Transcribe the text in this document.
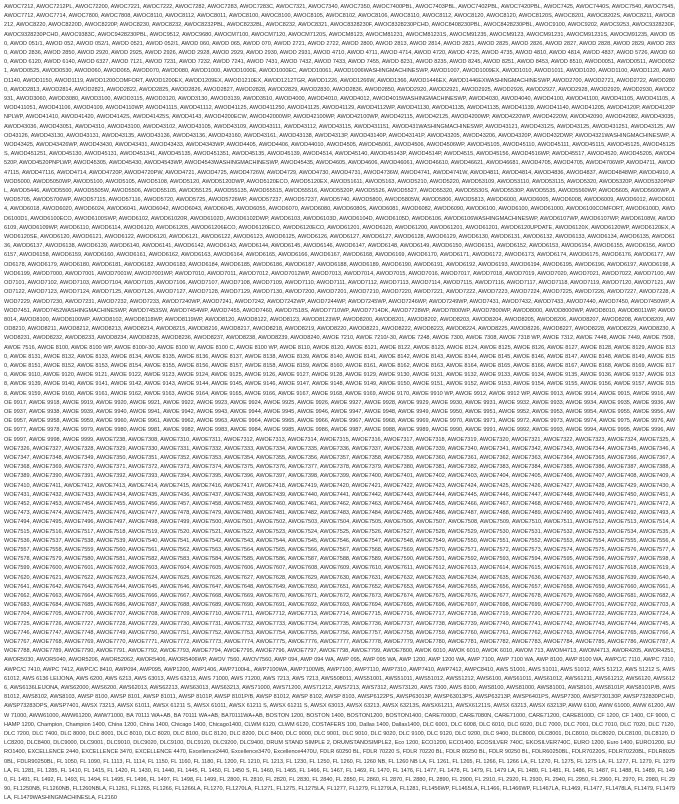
AWOC7212, AWOC7212PL, AWOC72200, AWOC7221, AWOC7222, AWOC7282, AWOC7283, AWOC7283C, AWOC7321, AWOC7340, AWOC7350, AWOC7400PBL, AWOC7403PBL, AWOC7402PBL, AWOC7420PBL, AWOC7425, AWOC7440S, AWOC7540, AWOC7545, AWOC7712, AWOC7714, AWOC7800, AWOC7808, AWOC8110, AWOC8112, AWOC8011, AWOC8100, AWOC8100, AWOC8105, AWOC8102, AWOC8106, AWOC8110, AWOC8112, AWOC8120, AWOC8120, AWOC8120S, AWOC8201, AWOC8202S, AWOC8211, AWOC8212, AWOC8220, AWOC8220D, AWOC8220P, AWOC8230, AWOC8232, AWOC8232PBL, AWOC8232BL, AWOC8232, AWOC8321, AWOC8328230F, AWOC8328230PCHD, AWOC8408230PBL, AWOC8428230PBL, AWOC9100, AWOC9202, AWOC9253, AWOC9328230F, AWOC9328230PCHD, AWOC9383C, AWOC9428230PBL, AWOC9512, AWOC9680, AWOCM7100, AWOCM7120, AWOCM7120S, AWOCM8123, AWOCM81231, AWOCM81231S, AWOCM91235, AWOCM9123, AWOCM91231, AWOCM91231S, AWOCM91235, AWOD 050, AWOD 051/1, AWOD 052, AWOD 052/1, AWOD 0521, AWOD 052/1, AWOD 060, AWOD 065, AWOD 070, AWOD 2721, AWOD 2722, AWOD 2800, AWOD 2813, AWOD 2814, AWOD 2821, AWOD 2825, AWOD 2826, AWOD 2827, AWOD 2828, AWOD 2829, AWOD 2830, AWOD 2836, AWOD 2850, AWOD 2920, AWOD 2925, AWOD 2926, AWOD 2928, AWOD 2929, AWOD 2930, AWOD 2931, AWOD 4710, AWOD 4711, AWOD 4714, AWOD 4720, AWOD 4725, AWOD 4735, AWOD 4810, AWOD 4814, AWOD 4837, AWOD 5726, AWOD 600, AWOD 6120, AWOD 6140, AWOD 6327, AWOD 7121, AWOD 7231, AWOD 7232, AWOD 7241, AWOD 7431, AWOD 7432, AWOD 7433, AWOD 7455, AWOD 8231, AWOD 8235, AWOD 8245, AWOD 8251, AWOD 8453, AWOD 8510, AWOD0051, AWOD0511, AWOD0521, AWOD0525, AWOD0530, AWOD060, AWOD065, AWOD070, AWOD080, AWOD1000, AWOD1000E, AWOD1000EC, AWOD10061, AWOD1006WASHINGMACHINESWP, AWOD1007, AWOD1009EX, AWOD1010, AWOD1011, AWOD1020, AWOD1100, AWOD1120, AWOD1140, AWOD1150, AWOD1119, AWOD1200COMFORT, AWOD1200EX, AWOD1209EX, AWOD1210EX, AWOD1212TGR, AWOD1226, AWOD1266W, AWOD1366, AWOD1446EX, AWOD1446EXWASHINGMACHINESWP, AWOD2700, AWOD2721, AWOD2722, AWOD2800, AWOD2813, AWOD2814, AWOD2821, AWOD2822, AWOD2825, AWOD2826, AWOD2827, AWOD2828, AWOD2829, AWOD2830, AWOD2836, AWOD2850, AWOD2920, AWOD2921, AWOD2925, AWOD2926, AWOD2927, AWOD2928, AWOD2929, AWOD2930, AWOD2931, AWOD3060, AWOD3080, AWOD3100, AWOD3115, AWOD3120, AWOD3130, AWOD3139, AWOD3510, AWOD4000, AWOD4010, AWOD4012, AWOD4015WASHINGMACHINESWP, AWOD4030, AWOD4040, AWOD4100, AWOD41100, AWOD41105, AWOD41105, AWOD411051, AWOD41106, AWOD4109, AWOD4110WP, AWOD41115, AWOD41112, AWOD41125, AWOD411250, AWOD41125, AWOD41129, AWOD4112WP, AWOD41130, AWOD41135, AWOD41135, AWOD41139, AWOD41140, AWOD41205, AWOD4120P, AWOD4120PNPLWP, AWOD41410, AWOD41420, AWOD4142S, AWOD41425S, AWOD4143, AWOD4200ECW, AWOD42000WP, AWOD42100WP, AWOD42100WP, AWOD42115, AWOD42125, AWOD4200WP, AWOD4220WP, AWOD4220W, AWOD42090, AWOD42082, AWOD43035, AWOD43036, AWOD43051, AWOD4310, AWOD43100, AWOD43102, AWOD43105, AWOD43109, AWOD43111, AWOD43112, AWOD43115, AWOD431151, AWOD431WASHINGMACHINESWP, AWOD43121, AWOD4312S, AWOD43125, AWOD431251, AWOD43125, AWOD43126, AWOD43130, AWOD43131, AWOD43135, AWOD43136, AWOD43136, AWOD43160, AWOD43161, AWOD43138, AWOD4313P, AWOD43140P, AWOD43141P, AWOD43205, AWOD43206, AWOD4320P, AWOD432DWP, AWOD4321WASHINGMACHINESWP, AWOD43425, AWOD43426WP, AWOD43430, AWOD43431, AWOD43433, AWOD4343WP, AWOD4405, AWOD4406, AWOD44010, AWOD4505, AWOD45061, AWOD4506, AWOD4506WP, AWOD45105, AWOD45110, AWOD45111, AWOD45115, AWOD45125, AWOD45125S, AWOD451251, AWOD45130, AWOD45131, AWOD451341, AWOD45135, AWOD451351, AWOD45135, AWOD45139, AWOD4514, AWOD45140, AWOD45143P, AWOD4514P, AWOD4515, AWOD45156, AWOD4516WP, AWOD45517, AWOD4520, AWOD45205, AWOD4520P, AWOD4520PNPLWP, AWOD45305, AWOD45430, AWOD4543WP, AWOD4543WASHINGMACHINESWP, AWOD45435, AWOD4605, AWOD4606, AWOD46061, AWOD46610, AWOD46621, AWOD46681, AWOD4705, AWOD4705, AWOD4706WP, AWOD4711, AWOD47115, AWOD47116, AWOD4714, AWOD4720P, AWOD4720PW, AWOD4721, AWOD4725, AWOD4726W, AWOD4729, AWOD4730, AWOD4731, AWOD4736W, AWOD4741, AWOD4741W, AWOD4811, AWOD4814, AWOD4836, AWOD4837, AWOD4848WP, AWOD4910, AWOD5000, AWOD5050WP, AWOD5100, AWOD5105, AWOD5108, AWOD5120, AWOD5120DWP, AWOD5120ECO, AWOD5120EX, AWOD51611, AWOD5163, AWOD5210, AWOD5220, AWOD53109, AWOD53110, AWOD53115, AWOD5320, AWOD5320P, AWOD5320PNPL, AWOD5446, AWOD5500, AWOD5505W, AWOD5506, AWOD55105, AWOD55125, AWOD55135, AWOD55515, AWOD55516, AWOD5520P, AWOD5526, AWOD5527, AWOD55320, AWOD5530S, AWOD5530P, AWOD5535, AWOD5560WP, AWOD5605, AWOD5606WP, AWOD5705, AWOD5706WP, AWOD57115, AWOD57116, AWOD5720, AWOD5725, AWOD5726WP, AWOD57237, AWOD57237, AWOD5740, AWOD5800, AWOD5805W, AWOD5806, AWOD5813, AWOD6000, AWOD6005, AWOD6008, AWOD6009, AWOD6012, AWOD6014, AWOD6018, AWOD6020, AWOD6024, AWOD6041, AWOD6042, AWOD6043, AWOD6045, AWOD6055, AWOD6070, AWOD6080, AWOD6080S, AWOD6081, AWOD6082, AWOD6090, AWOD6100, AWOD6100, AWOD61000, AWOD6100COMFORT, AWOD6100D, AWOD6100D1, AWOD6100ECO, AWOD6100SWP, AWOD6102, AWOD61020R, AWOD6102D, AWOD6102DWP, AWOD6103, AWOD6103D, AWOD6104D, AWOD6105D, AWOD6106, AWOD6106WASHINGMACHINESWP, AWOD6107WP, AWOD6107WP, AWOD6108W, AWOD6109, AWOD6109WP, AWOD6110, AWOD6114, AWOD6120, AWOD61205, AWOD61206ECO, AWOD6120ECO, AWOD6120ECO, AWOD61201, AWOD6120, AWOD61200, AWOD61201, AWOD61201, AWOD6120UPDATE, AWOD6120X, AWOD6120WP, AWOD6120EX, AWOD6120SE, AWOD6120, AWOD6121, AWOD6122, AWOD6120, AWOD6121, AWOD6122, AWOD6123, AWOD6125, AWOD6126, AWOD6127, AWOD6127, AWOD6128, AWOD6129, AWOD6130, AWOD6131, AWOD6132, AWOD6133, AWOD6134, AWOD6135, AWOD6136, AWOD6137, AWOD6138, AWOD6139, AWOD6140, AWOD6141, AWOD6142, AWOD6143, AWOD6144, AWOD6145, AWOD6146, AWOD6147, AWOD6148, AWOD6149, AWOD6150, AWOD6151, AWOD6152, AWOD6153, AWOD6154, AWOD6155, AWOD6156, AWOD6157, AWOD6158, AWOD6159, AWOD6160, AWOD6161, AWOD6162, AWOD6163, AWOD6164, AWOD6165, AWOD6166, AWOD6167, AWOD6168, AWOD6169, AWOD6170, AWOD6171, AWOD6172, AWOD6173, AWOD6174, AWOD6175, AWOD6176, AWOD6177, AWOD6178, AWOD6179, AWOD6180, AWOD6181, AWOD6182, AWOD6183, AWOD6184, AWOD6185, AWOD6186, AWOD6187, AWOD6188, AWOD6189, AWOD6190, AWOD6191, AWOD6192, AWOD6193, AWOD6194, AWOD6195, AWOD6196, AWOD6197, AWOD6198, AWOD6199, AWOD7000, AWOD7001, AWOD7001W, AWOD7001WP, AWOD7010, AWOD7011, AWOD7012, AWOD7012WP, AWOD7013, AWOD7014, AWOD7015, AWOD7016, AWOD7017, AWOD7018, AWOD7019, AWOD7020, AWOD7021, AWOD7022, AWOD7100, AWOD7101, AWOD7102, AWOD7103, AWOD7104, AWOD7105, AWOD7106, AWOD7107, AWOD7108, AWOD7109, AWOD7110, AWOD7111, AWOD7112, AWOD7113, AWOD7114, AWOD7115, AWOD7116, AWOD7117, AWOD7118, AWOD7119, AWOD7120, AWOD7121, AWOD7122, AWOD7123, AWOD7124, AWOD7125, AWOD7126, AWOD7127, AWOD7128, AWOD7129, AWOD7130, AWOD7200, AWOD7201, AWOD7210, AWOD7220, AWOD7221, AWOD7222, AWOD7223, AWOD7224, AWOD7225, AWOD7226, AWOD7227, AWOD7228, AWOD7229, AWOD7230, AWOD7231, AWOD7232, AWOD7233, AWOD7240WP, AWOD7241, AWOD7242, AWOD7242WP, AWOD7244WP, AWOD7245WP, AWOD7246WP, AWOD7249WP, AWOD7431, AWOD7432, AWOD7433, AWOD7440, AWOD7450, AWOD7450WP, AWOD7451, AWOD7452WASHINGMACHINESWP, AWOD7453SW, AWOD7454WP, AWOD7455, AWOD7460, AWOD7518S, AWOD7710WP, AWOD7714DK, AWOD7728WP, AWOD7800WP, AWOD7800WP, AWOD8000, AWOD8000WP, AWOD8010, AWOD8011WP, AWOD8014, AWOD8100, AWOD8100WP, AWOD8102, AWOD8118WP, AWOD8119WP, AWOD8120, AWOD8122, AWOD8123, AWOD8123WP, AWOD8200, AWOD8201, AWOD8202, AWOD8203, AWOD8204, AWOD8205, AWOD8206, AWOD8207, AWOD8208, AWOD8209, AWOD8210, AWOD8211, AWOD8212, AWOD8213, AWOD8214, AWOD8215, AWOD8216, AWOD8217, AWOD8218, AWOD8219, AWOD8220, AWOD8221, AWOD8222, AWOD8223, AWOD8224, AWOD8225, AWOD8226, AWOD8227, AWOD8228, AWOD8229, AWOD8230, AWOD8231, AWOD8232, AWOD8233, AWOD8234, AWOD8235, AWOD8236, AWOD8237, AWOD8238, AWOD8239, AWOD8240, AWOE 7210, AWOE 7210/-30, AWOE 7248, AWOE 7300, AWOE 7308, AWOE 7318 WP, AWOE 7312, AWOE 7448, AWOE 7449, AWOE 7508, AWOE 7516, AWOE 8100, AWOE 8100 WP, AWOE 8100/-30, AWOE 8100 W, AWOE 8100 C, AWOE 8100 WP, AWOE 8110, AWOE 8120, AWOE 8121, AWOE 8122, AWOE 8123, AWOE 8124, AWOE 8125, AWOE 8126, AWOE 8127, AWOE 8128, AWOE 8129, AWOE 8130, AWOE 8131, AWOE 8132, AWOE 8133, AWOE 8134, AWOE 8135, AWOE 8136, AWOE 8137, AWOE 8138, AWOE 8139, AWOE 8140, AWOE 8141, AWOE 8142, AWOE 8143, AWOE 8144, AWOE 8145, AWOE 8146, AWOE 8147, AWOE 8148, AWOE 8149, AWOE 8150, AWOE 8151, AWOE 8152, AWOE 8153, AWOE 8154, AWOE 8155, AWOE 8156, AWOE 8157, AWOE 8158, AWOE 8159, AWOE 8160, AWOE 8161, AWOE 8162, AWOE 8163, AWOE 8164, AWOE 8165, AWOE 8166, AWOE 8167, AWOE 8168, AWOE 8169, AWOE 8170, AWOE 9110, AWOE 9120, AWOE 9121, AWOE 9122, AWOE 9123, AWOE 9124, AWOE 9125, AWOE 9126, AWOE 9127, AWOE 9128, AWOE 9129, AWOE 9130, AWOE 9131, AWOE 9132, AWOE 9133, AWOE 9134, AWOE 9135, AWOE 9136, AWOE 9137, AWOE 9138, AWOE 9139, AWOE 9140, AWOE 9141, AWOE 9142, AWOE 9143, AWOE 9144, AWOE 9145, AWOE 9146, AWOE 9147, AWOE 9148, AWOE 9149, AWOE 9150, AWOE 9151, AWOE 9152, AWOE 9153, AWOE 9154, AWOE 9155, AWOE 9156, AWOE 9157, AWOE 9158, AWOE 9159, AWOE 9160, AWOE 9161, AWOE 9162, AWOE 9163, AWOE 9164, AWOE 9165, AWOE 9166, AWOE 9167, AWOE 9168, AWOE 9169, AWOE 9170, AWOE 9910 WP, AWOE 9912, AWOE 9912 WP, AWOE 9913, AWOE 9914, AWOE 9915, AWOE 9916, AWOE 9917, AWOE 9918, AWOE 9919, AWOE 9920, AWOE 9921, AWOE 9922, AWOE 9923, AWOE 9924, AWOE 9925, AWOE 9926, AWOE 9927, AWOE 9928, AWOE 9929, AWOE 9930, AWOE 9931, AWOE 9932, AWOE 9933, AWOE 9934, AWOE 9935, AWOE 9936, AWOE 9937, AWOE 9938, AWOE 9939, AWOE 9940, AWOE 9941, AWOE 9942, AWOE 9943, AWOE 9944, AWOE 9945, AWOE 9946, AWOE 9947, AWOE 9948, AWOE 9949, AWOE 9950, AWOE 9951, AWOE 9952, AWOE 9953, AWOE 9954, AWOE 9955, AWOE 9956, AWOE 9957, AWOE 9958, AWOE 9959, AWOE 9960, AWOE 9961, AWOE 9962, AWOE 9963, AWOE 9964, AWOE 9965, AWOE 9966, AWOE 9967, AWOE 9968, AWOE 9969, AWOE 9970, AWOE 9971, AWOE 9972, AWOE 9973, AWOE 9974, AWOE 9975, AWOE 9976, AWOE 9977, AWOE 9978, AWOE 9979, AWOE 9980, AWOE 9981, AWOE 9982, AWOE 9983, AWOE 9984, AWOE 9985, AWOE 9986, AWOE 9987, AWOE 9988, AWOE 9989, AWOE 9990, AWOE 9991, AWOE 9992, AWOE 9993, AWOE 9994, AWOE 9995, AWOE 9996, AWOE 9997, AWOE 9998, AWOE 9999, AWOE7238, AWOE7308, AWOE7310, AWOE7311, AWOE7312, AWOE7313, AWOE7314, AWOE7315, AWOE7316, AWOE7317, AWOE7318, AWOE7319, AWOE7320, AWOE7321, AWOE7322, AWOE7323, AWOE7324, AWOE7325, AWOE7326, AWOE7327, AWOE7328, AWOE7329, AWOE7330, AWOE7331, AWOE7332, AWOE7333, AWOE7334, AWOE7335, AWOE7336, AWOE7337, AWOE7338, AWOE7339, AWOE7340, AWOE7341, AWOE7342, AWOE7343, AWOE7344, AWOE7345, AWOE7346, AWOE7347, AWOE7348, AWOE7349, AWOE7350, AWOE7351, AWOE7352, AWOE7353, AWOE7354, AWOE7355, AWOE7356, AWOE7357, AWOE7358, AWOE7359, AWOE7360, AWOE7361, AWOE7362, AWOE7363, AWOE7364, AWOE7365, AWOE7366, AWOE7367, AWOE7368, AWOE7369, AWOE7370, AWOE7371, AWOE7372, AWOE7373, AWOE7374, AWOE7375, AWOE7376, AWOE7377, AWOE7378, AWOE7379, AWOE7380, AWOE7381, AWOE7382, AWOE7383, AWOE7384, AWOE7385, AWOE7386, AWOE7387, AWOE7388, AWOE7389, AWOE7390, AWOE7391, AWOE7392, AWOE7393, AWOE7394, AWOE7395, AWOE7396, AWOE7397, AWOE7398, AWOE7399, AWOE7400, AWOE7401, AWOE7402, AWOE7403, AWOE7404, AWOE7405, AWOE7406, AWOE7407, AWOE7408, AWOE7409, AWOE7410, AWOE7411, AWOE7412, AWOE7413, AWOE7414, AWOE7415, AWOE7416, AWOE7417, AWOE7418, AWOE7419, AWOE7420, AWOE7421, AWOE7422, AWOE7423, AWOE7424, AWOE7425, AWOE7426, AWOE7427, AWOE7428, AWOE7429, AWOE7430, AWOE7431, AWOE7432, AWOE7433, AWOE7434, AWOE7435, AWOE7436, AWOE7437, AWOE7438, AWOE7439, AWOE7440, AWOE7441, AWOE7442, AWOE7443, AWOE7444, AWOE7445, AWOE7446, AWOE7447, AWOE7448, AWOE7449, AWOE7450, AWOE7451, AWOE7452, AWOE7453, AWOE7454, AWOE7455, AWOE7456, AWOE7457, AWOE7458, AWOE7459, AWOE7460, AWOE7461, AWOE7462, AWOE7463, AWOE7464, AWOE7465, AWOE7466, AWOE7467, AWOE7468, AWOE7469, AWOE7470, AWOE7471, AWOE7472, AWOE7473, AWOE7474, AWOE7475, AWOE7476, AWOE7477, AWOE7478, AWOE7479, AWOE7480, AWOE7481, AWOE7482, AWOE7483, AWOE7484, AWOE7485, AWOE7486, AWOE7487, AWOE7488, AWOE7489, AWOE7490, AWOE7491, AWOE7492, AWOE7493, AWOE7494, AWOE7495, AWOE7496, AWOE7497, AWOE7498, AWOE7499, AWOE7500, AWOE7501, AWOE7502, AWOE7503, AWOE7504, AWOE7505, AWOE7506, AWOE7507, AWOE7508, AWOE7509, AWOE7510, AWOE7511, AWOE7512, AWOE7513, AWOE7514, AWOE7515, AWOE7516, AWOE7517, AWOE7518, AWOE7519, AWOE7520, AWOE7521, AWOE7522, AWOE7523, AWOE7524, AWOE7525, AWOE7526, AWOE7527, AWOE7528, AWOE7529, AWOE7530, AWOE7531, AWOE7532, AWOE7533, AWOE7534, AWOE7535, AWOE7536, AWOE7537, AWOE7538, AWOE7539, AWOE7540, AWOE7541, AWOE7542, AWOE7543, AWOE7544, AWOE7545, AWOE7546, AWOE7547, AWOE7548, AWOE7549, AWOE7550, AWOE7551, AWOE7552, AWOE7553, AWOE7554, AWOE7555, AWOE7556, AWOE7557, AWOE7558, AWOE7559, AWOE7560, AWOE7561, AWOE7562, AWOE7563, AWOE7564, AWOE7565, AWOE7566, AWOE7567, AWOE7568, AWOE7569, AWOE7570, AWOE7571, AWOE7572, AWOE7573, AWOE7574, AWOE7575, AWOE7576, AWOE7577, AWOE7578, AWOE7579, AWOE7580, AWOE7581, AWOE7582, AWOE7583, AWOE7584, AWOE7585, AWOE7586, AWOE7587, AWOE7588, AWOE7589, AWOE7590, AWOE7591, AWOE7592, AWOE7593, AWOE7594, AWOE7595, AWOE7596, AWOE7597, AWOE7598, AWOE7599, AWOE7600, AWOE7601, AWOE7602, AWOE7603, AWOE7604, AWOE7605, AWOE7606, AWOE7607, AWOE7608, AWOE7609, AWOE7610, AWOE7611, AWOE7612, AWOE7613, AWOE7614, AWOE7615, AWOE7616, AWOE7617, AWOE7618, AWOE7619, AWOE7620, AWOE7621, AWOE7622, AWOE7623, AWOE7624, AWOE7625, AWOE7626, AWOE7627, AWOE7628, AWOE7629, AWOE7630, AWOE7631, AWOE7632, AWOE7633, AWOE7634, AWOE7635, AWOE7636, AWOE7637, AWOE7638, AWOE7639, AWOE7640, AWOE7641, AWOE7642, AWOE7643, AWOE7644, AWOE7645, AWOE7646, AWOE7647, AWOE7648, AWOE7649, AWOE7650, AWOE7651, AWOE7652, AWOE7653, AWOE7654, AWOE7655, AWOE7656, AWOE7657, AWOE7658, AWOE7659, AWOE7660, AWOE7661, AWOE7662, AWOE7663, AWOE7664, AWOE7665, AWOE7666, AWOE7667, AWOE7668, AWOE7669, AWOE7670, AWOE7671, AWOE7672, AWOE7673, AWOE7674, AWOE7675, AWOE7676, AWOE7677, AWOE7678, AWOE7679, AWOE7680, AWOE7681, AWOE7682, AWOE7683, AWOE7684, AWOE7685, AWOE7686, AWOE7687, AWOE7688, AWOE7689, AWOE7690, AWOE7691, AWOE7692, AWOE7693, AWOE7694, AWOE7695, AWOE7696, AWOE7697, AWOE7698, AWOE7699, AWOE7700, AWOE7701, AWOE7702, AWOE7703, AWOE7704, AWOE7705, AWOE7706, AWOE7707, AWOE7708, AWOE7709, AWOE7710, AWOE7711, AWOE7712, AWOE7713, AWOE7714, AWOE7715, AWOE7716, AWOE7717, AWOE7718, AWOE7719, AWOE7720, AWOE7721, AWOE7722, AWOE7723, AWOE7724, AWOE7725, AWOE7726, AWOE7727, AWOE7728, AWOE7729, AWOE7730, AWOE7731, AWOE7732, AWOE7733, AWOE7734, AWOE7735, AWOE7736, AWOE7737, AWOE7738, AWOE7739, AWOE7740, AWOE7741, AWOE7742, AWOE7743, AWOE7744, AWOE7745, AWOE7746, AWOE7747, AWOE7748, AWOE7749, AWOE7750, AWOE7751, AWOE7752, AWOE7753, AWOE7754, AWOE7755, AWOE7756, AWOE7757, AWOE7758, AWOE7759, AWOE7760, AWOE7761, AWOE7762, AWOE7763, AWOE7764, AWOE7765, AWOE7766, AWOE7767, AWOE7768, AWOE7769, AWOE7770, AWOE7771, AWOE7772, AWOE7773, AWOE7774, AWOE7775, AWOE7776, AWOE7777, AWOE7778, AWOE7779, AWOE7780, AWOE7781, AWOE7782, AWOE7783, AWOE7784, AWOE7785, AWOE7786, AWOE7787, AWOE7788, AWOE7789, AWOE7790, AWOE7791, AWOE7792, AWOE7793, AWOE7794, AWOE7795, AWOE7796, AWOE7797, AWOE7798, AWOE7799, AWOE7800, AWOK 6010, AWOK 6010, AWOK 6010, AWOM 713, AWOM4713, AWOM4713, AWOR4205, AWOR4251, AWOR5030, AWOR5040, AWOR5206, AWOR52062, AWOR5406, AWOR5406WP, AWOV 7560, AWOV7560, AWP 094, AWP 094 WA, AWP 095, AWP 095 WA, AWP 1200, AWP 1200 WA, AWP 7100, AWP 7100 WA, AWP 8100, AWP 8100 WA, AWPC/C 7110, AWPC 7310, AWPC/C 7410, AWPC 7412, AWPC/C 8410, AWP094, AWP095, AWP1200, AWP1406, AWP7100HL, AWP7100WA, AWP7100WB, AWP7100, AWP7110, AWP7310, AWP7410, AWP7412, AWPC8410, AWS 51001, AWS 51011, AWS 51012, AWS 51212, AWS 51212 S, AWS 61012, AWS 6136 LEIJONA, AWS 6200, AWS 6213, AWS 63013, AWS 63213, AWS 71000, AWS 71200, AWS 7213, AWS 7213, AWS508011, AWS51001, AWS51011, AWS51012, AWS51212, AWS6100, AWS61011, AWS61012, AWS61211, AWS61212, AWS6120, AWS6126, AWS6136LEIJONA, AWS62000, AWS6200, AWS62013, AWS62213, AWS63013, AWS63213, AWS71000, AWS71200, AWS71212, AWS7213, AWS7312, AWS73120, AWS 7300, AWS 8100, AWS8100, AWS81000, AWS81001, AWS8101, AWS8101P, AWS8101P/B, AWS81012, AWS8102, AWS8103, AWSP 8100, AWSP 8101, AWSP 81011, AWSP 8101P, AWSP 8101P/B, AWSP 81012, AWSP 8102, AWSP 8103, AWSP6122PS, AWSP63013P, AWSP63013PS, AWSP63213P, AWSP6401PS, AWSP7300, AWSP730130P, AWSP732830PCHD, AWSP73283OPS, AWSP7401, AWSX 73213, AWSX 61011, AWSX 61211 S, AWSX 61011, AWSX 61211 S, AWSX 61211 S, AWSX 63013, AWSX 63213, AWSX 63213S, AWSX61211, AWSX61211S, AWSX 63213, AWSX 63213P, AWW 6100, AWW 61000, AWW 61200, AWW 71000, AWW61000, AWW61200, AWW71000, BA 70111 WA+AB, BA 70111 WA+AB, BA70111WA+AB, BOSTON 1200, BOSTON 1400, BOSTON1200, BOSTON1400, CARE7000D, CARE7080N, CARE71000, CARE71200, CARE8100D, CF 1200, CF 1400, CF 9000, CHAMP 1200, Champion, Champion 1400, China 1200, China 1400, Chicago 1400, Chicago1400, CLWM 6120, CLWM 6120, COSTAFERS 100, Dallas 1400, Dallas1400, DLC 6001, DLC 6008, DLC 6010, DLC 6020, DLC 7000, DLC 7001, DLC 7010, DLC 7020, DLC 7120, DLC 7200, DLC 7400, DLC 8000, DLC 8001, DLC 8010, DLC 8020, DLC 8100, DLC 8120, DLC 8200, DLC 8400, DLC 9000, DLC 9001, DLC 9010, DLC 9020, DLC 9100, DLC 9120, DLC 9200, DLC 9400, DLC8000, DLC8001, DLC8010, DLC8020, DLC8100, DLC8120, DLC8200, DLC8400, DLC9000, DLC9001, DLC9010, DLC9020, DLC9100, DLC9120, DLC9200, DLC9400, DRUM STAND SIMPLE 2, DRUMSTANDSIMPLE2, Eco 1200, ECO1200, ECO1400, ECOSILVER 740C, EKOSILVER740C, EURO 1200, Euro 1400, EURO1200, EURO1400, EXCELLENCE 2440, EXCELLENCE 3470, EXCELLENCE 4470, Excellence2440, Excellence3470, Excellence4470U, FDLR 60250 BL, FDLR 70220 S, FDLR 70220 BL, FDLR 80250 BL, FDLR 90250 BL, FDLR60250BL, FDLR70220S, FDLR70220BL, FDLR80250BL, FDLR90250BL, FL 1050, FL 1090, FL 1113, FL 1114, FL 1150, FL 1160, FL 1180, FL 1200, FL 1210, FL 1213, FL 1230, FL 1250, FL 1260, FL 1260 NB, FL 1260 NB LA, FL 1261, FL 1265, FL 1266, FL 1266 LA, FL 1270, FL 1275, FL 1275 LA, FL 1277, FL 1279, FL 1279 LA, FL 1281, FL 1285, FL 1410, FL 1415, FL 1420, FL 1430, FL 1440, FL 1445, FL 1450, FL 1450 S, FL 1460, FL 1465, FL 1466, FL 1467, FL 1469, FL 1470, FL 1476, FL 1477, FL 1478, FL 1479, FL 1479 LA, FL 1480, FL 1481, FL 1486, FL 1487, FL 1488, FL 1489, FL 1490, FL 1491, FL 1492, FL 1493, FL 1494, FL 1495, FL 1496, FL 1497, FL 1498, FL 1499, FL 2800, FL 2810, FL 2820, FL 2830, FL 2840, FL 2850, FL 2860, FL 2870, FL 2880, FL 2890, FL 2900, FL 2910, FL 2920, FL 2930, FL 2940, FL 2950, FL 2960, FL 2970, FL 2980, FL 2990, FL1250NB, FL1260NB, FL1260NBLA, FL1261, FL1265, FL1266, FL1266LA, FL1270, FL1270LA, FL1271, FL1275, FL1275LA, FL1277, FL1279, FL1279LA, FL1281, FL1456WP, FL1465LA, FL1466, FL1466WP, FL1467LA, FL1469, FL1477, FL1478LA, FL1479, FL1479LA, FL1479WASHINGMACHINESLA, FL2160
